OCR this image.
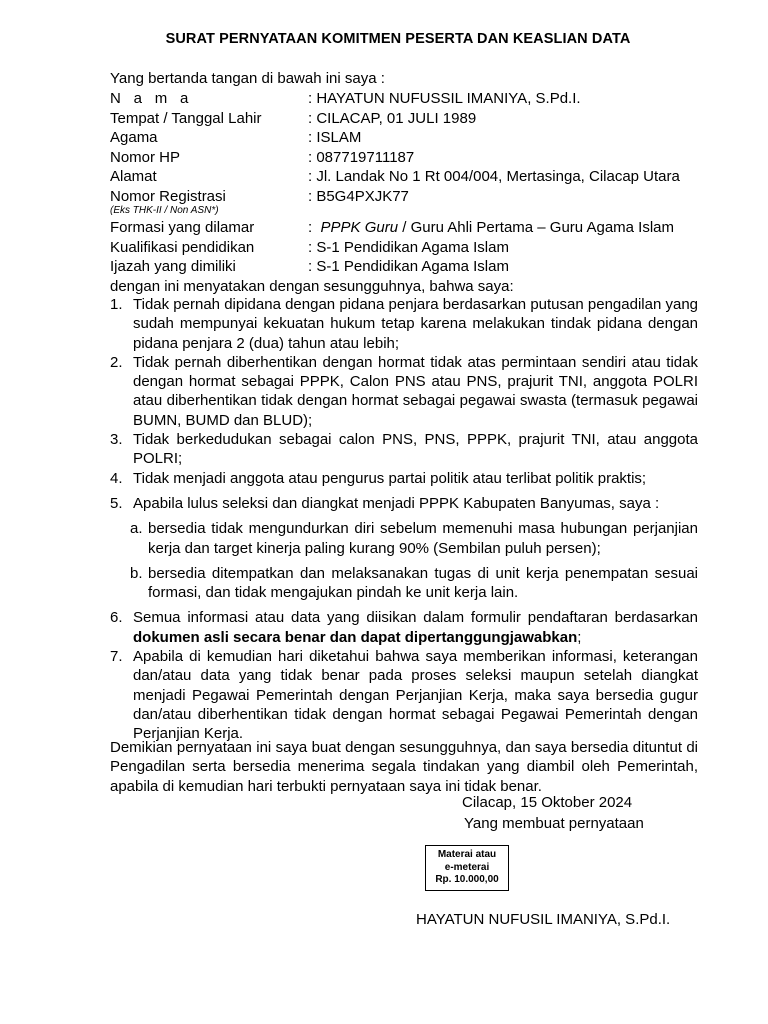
SURAT PERNYATAAN KOMITMEN PESERTA DAN KEASLIAN DATA
Yang bertanda tangan di bawah ini saya :
N a m a	: HAYATUN NUFUSSIL IMANIYA, S.Pd.I.
Tempat / Tanggal Lahir	: CILACAP, 01 JULI 1989
Agama	: ISLAM
Nomor HP	: 087719711187
Alamat	: Jl. Landak No 1 Rt 004/004, Mertasinga, Cilacap Utara
Nomor Registrasi	: B5G4PXJK77
(Eks THK-II / Non ASN*)
Formasi yang dilamar	: PPPK Guru / Guru Ahli Pertama – Guru Agama Islam
Kualifikasi pendidikan	: S-1 Pendidikan Agama Islam
Ijazah yang dimiliki	: S-1 Pendidikan Agama Islam
dengan ini menyatakan dengan sesungguhnya, bahwa saya:
1. Tidak pernah dipidana dengan pidana penjara berdasarkan putusan pengadilan yang sudah mempunyai kekuatan hukum tetap karena melakukan tindak pidana dengan pidana penjara 2 (dua) tahun atau lebih;
2. Tidak pernah diberhentikan dengan hormat tidak atas permintaan sendiri atau tidak dengan hormat sebagai PPPK, Calon PNS atau PNS, prajurit TNI, anggota POLRI atau diberhentikan tidak dengan hormat sebagai pegawai swasta (termasuk pegawai BUMN, BUMD dan BLUD);
3. Tidak berkedudukan sebagai calon PNS, PNS, PPPK, prajurit TNI, atau anggota POLRI;
4. Tidak menjadi anggota atau pengurus partai politik atau terlibat politik praktis;
5. Apabila lulus seleksi dan diangkat menjadi PPPK Kabupaten Banyumas, saya :
a. bersedia tidak mengundurkan diri sebelum memenuhi masa hubungan perjanjian kerja dan target kinerja paling kurang 90% (Sembilan puluh persen);
b. bersedia ditempatkan dan melaksanakan tugas di unit kerja penempatan sesuai formasi, dan tidak mengajukan pindah ke unit kerja lain.
6. Semua informasi atau data yang diisikan dalam formulir pendaftaran berdasarkan dokumen asli secara benar dan dapat dipertanggungjawabkan;
7. Apabila di kemudian hari diketahui bahwa saya memberikan informasi, keterangan dan/atau data yang tidak benar pada proses seleksi maupun setelah diangkat menjadi Pegawai Pemerintah dengan Perjanjian Kerja, maka saya bersedia gugur dan/atau diberhentikan tidak dengan hormat sebagai Pegawai Pemerintah dengan Perjanjian Kerja.
Demikian pernyataan ini saya buat dengan sesungguhnya, dan saya bersedia dituntut di Pengadilan serta bersedia menerima segala tindakan yang diambil oleh Pemerintah, apabila di kemudian hari terbukti pernyataan saya ini tidak benar.
Cilacap, 15 Oktober 2024
Yang membuat pernyataan
Materai atau
e-meterai
Rp. 10.000,00
HAYATUN NUFUSIL IMANIYA, S.Pd.I.
